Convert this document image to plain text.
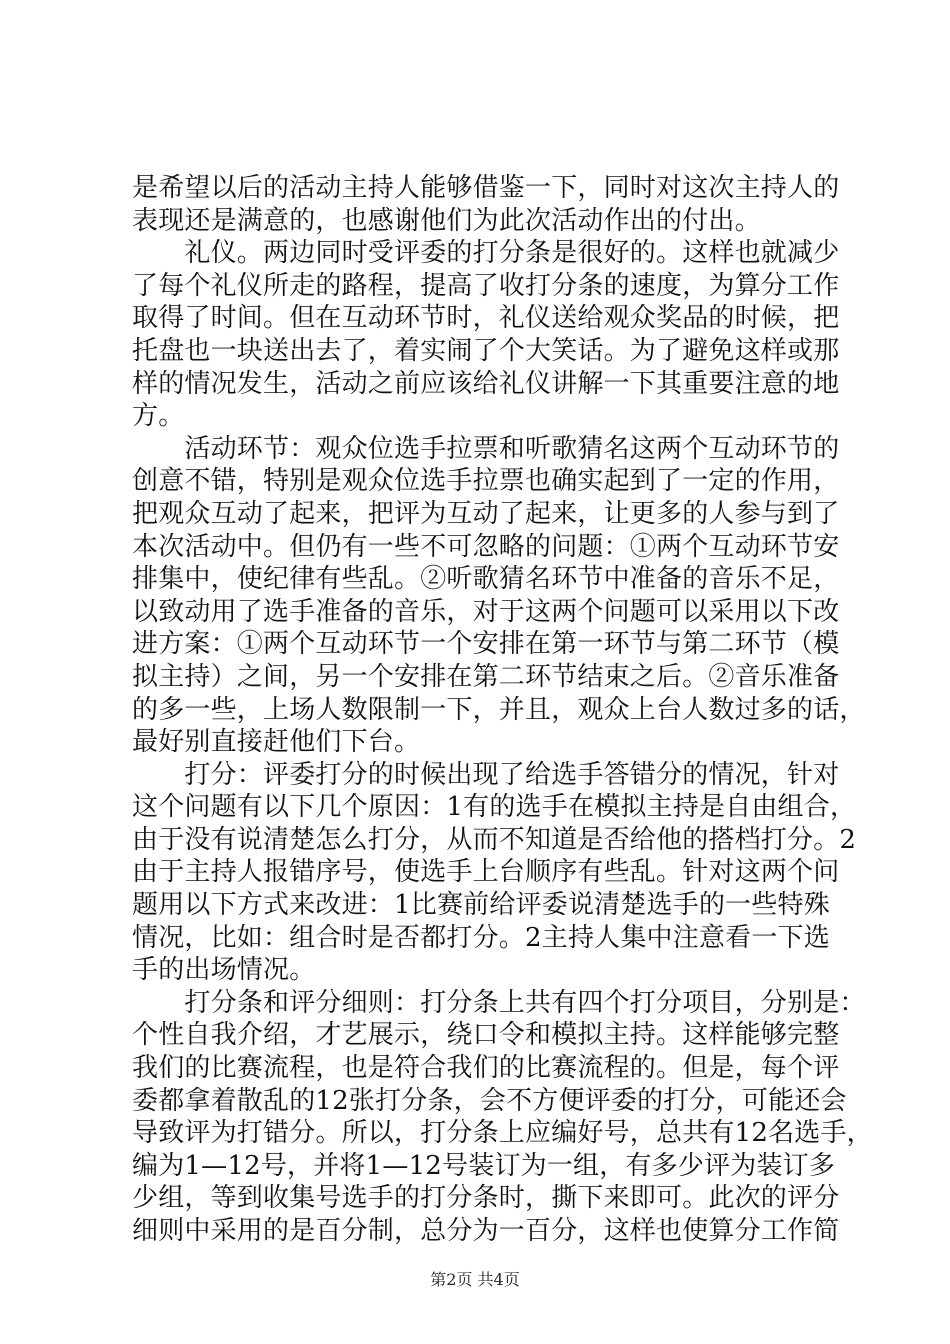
是希望以后的活动主持人能够借鉴一下，同时对这次主持人的
表现还是满意的，也感谢他们为此次活动作出的付出。
　　礼仪。两边同时受评委的打分条是很好的。这样也就减少
了每个礼仪所走的路程，提高了收打分条的速度，为算分工作
取得了时间。但在互动环节时，礼仪送给观众奖品的时候，把
托盘也一块送出去了，着实闹了个大笑话。为了避免这样或那
样的情况发生，活动之前应该给礼仪讲解一下其重要注意的地
方。
　　活动环节：观众位选手拉票和听歌猜名这两个互动环节的
创意不错，特别是观众位选手拉票也确实起到了一定的作用，
把观众互动了起来，把评为互动了起来，让更多的人参与到了
本次活动中。但仍有一些不可忽略的问题：①两个互动环节安
排集中，使纪律有些乱。②听歌猜名环节中准备的音乐不足，
以致动用了选手准备的音乐，对于这两个问题可以采用以下改
进方案：①两个互动环节一个安排在第一环节与第二环节（模
拟主持）之间，另一个安排在第二环节结束之后。②音乐准备
的多一些，上场人数限制一下，并且，观众上台人数过多的话，
最好别直接赶他们下台。
　　打分：评委打分的时候出现了给选手答错分的情况，针对
这个问题有以下几个原因：1有的选手在模拟主持是自由组合，
由于没有说清楚怎么打分，从而不知道是否给他的搭档打分。2
由于主持人报错序号，使选手上台顺序有些乱。针对这两个问
题用以下方式来改进：1比赛前给评委说清楚选手的一些特殊
情况，比如：组合时是否都打分。2主持人集中注意看一下选
手的出场情况。
　　打分条和评分细则：打分条上共有四个打分项目，分别是：
个性自我介绍，才艺展示，绕口令和模拟主持。这样能够完整
我们的比赛流程，也是符合我们的比赛流程的。但是，每个评
委都拿着散乱的12张打分条，会不方便评委的打分，可能还会
导致评为打错分。所以，打分条上应编好号，总共有12名选手，
编为1—12号，并将1—12号装订为一组，有多少评为装订多
少组，等到收集号选手的打分条时，撕下来即可。此次的评分
细则中采用的是百分制，总分为一百分，这样也使算分工作简
第2页 共4页
